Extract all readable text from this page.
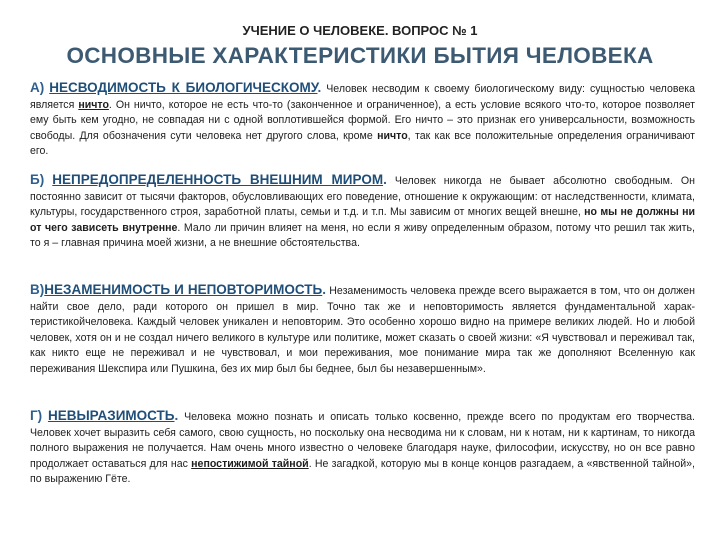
УЧЕНИЕ О ЧЕЛОВЕКЕ. ВОПРОС № 1
ОСНОВНЫЕ ХАРАКТЕРИСТИКИ БЫТИЯ ЧЕЛОВЕКА
А) НЕСВОДИМОСТЬ К БИОЛОГИЧЕСКОМУ. Человек несводим к своему биологическому виду: сущностью человека является ничто. Он ничто, которое не есть что-то (законченное и ограниченное), а есть условие всякого что-то, которое позволяет ему быть кем угодно, не совпадая ни с одной воплотившейся формой. Его ничто – это признак его универсальности, возможность свободы. Для обозначения сути человека нет другого слова, кроме ничто, так как все положительные определения ограничивают его.
Б) НЕПРЕДОПРЕДЕЛЕННОСТЬ ВНЕШНИМ МИРОМ. Человек никогда не бывает абсолютно свободным. Он постоянно зависит от тысячи факторов, обусловливающих его поведение, отношение к окружающим: от наследственности, климата, культуры, государственного строя, заработной платы, семьи и т.д. и т.п. Мы зависим от многих вещей внешне, но мы не должны ни от чего зависеть внутренне. Мало ли причин влияет на меня, но если я живу определенным образом, потому что решил так жить, то я – главная причина моей жизни, а не внешние обстоятельства.
В)НЕЗАМЕНИМОСТЬ И НЕПОВТОРИМОСТЬ. Незаменимость человека прежде всего выражается в том, что он должен найти свое дело, ради которого он пришел в мир. Точно так же и неповторимость является фундаментальной харак-теристикойчеловека. Каждый человек уникален и неповторим. Это особенно хорошо видно на примере великих людей. Но и любой человек, хотя он и не создал ничего великого в культуре или политике, может сказать о своей жизни: «Я чувствовал и переживал так, как никто еще не переживал и не чувствовал, и мои переживания, мое понимание мира так же дополняют Вселенную как переживания Шекспира или Пушкина, без их мир был бы беднее, был бы незавершенным».
Г) НЕВЫРАЗИМОСТЬ. Человека можно познать и описать только косвенно, прежде всего по продуктам его творчества. Человек хочет выразить себя самого, свою сущность, но поскольку она несводима ни к словам, ни к нотам, ни к картинам, то никогда полного выражения не получается. Нам очень много известно о человеке благодаря науке, философии, искусству, но он все равно продолжает оставаться для нас непостижимой тайной. Не загадкой, которую мы в конце концов разгадаем, а «явственной тайной», по выражению Гёте.
